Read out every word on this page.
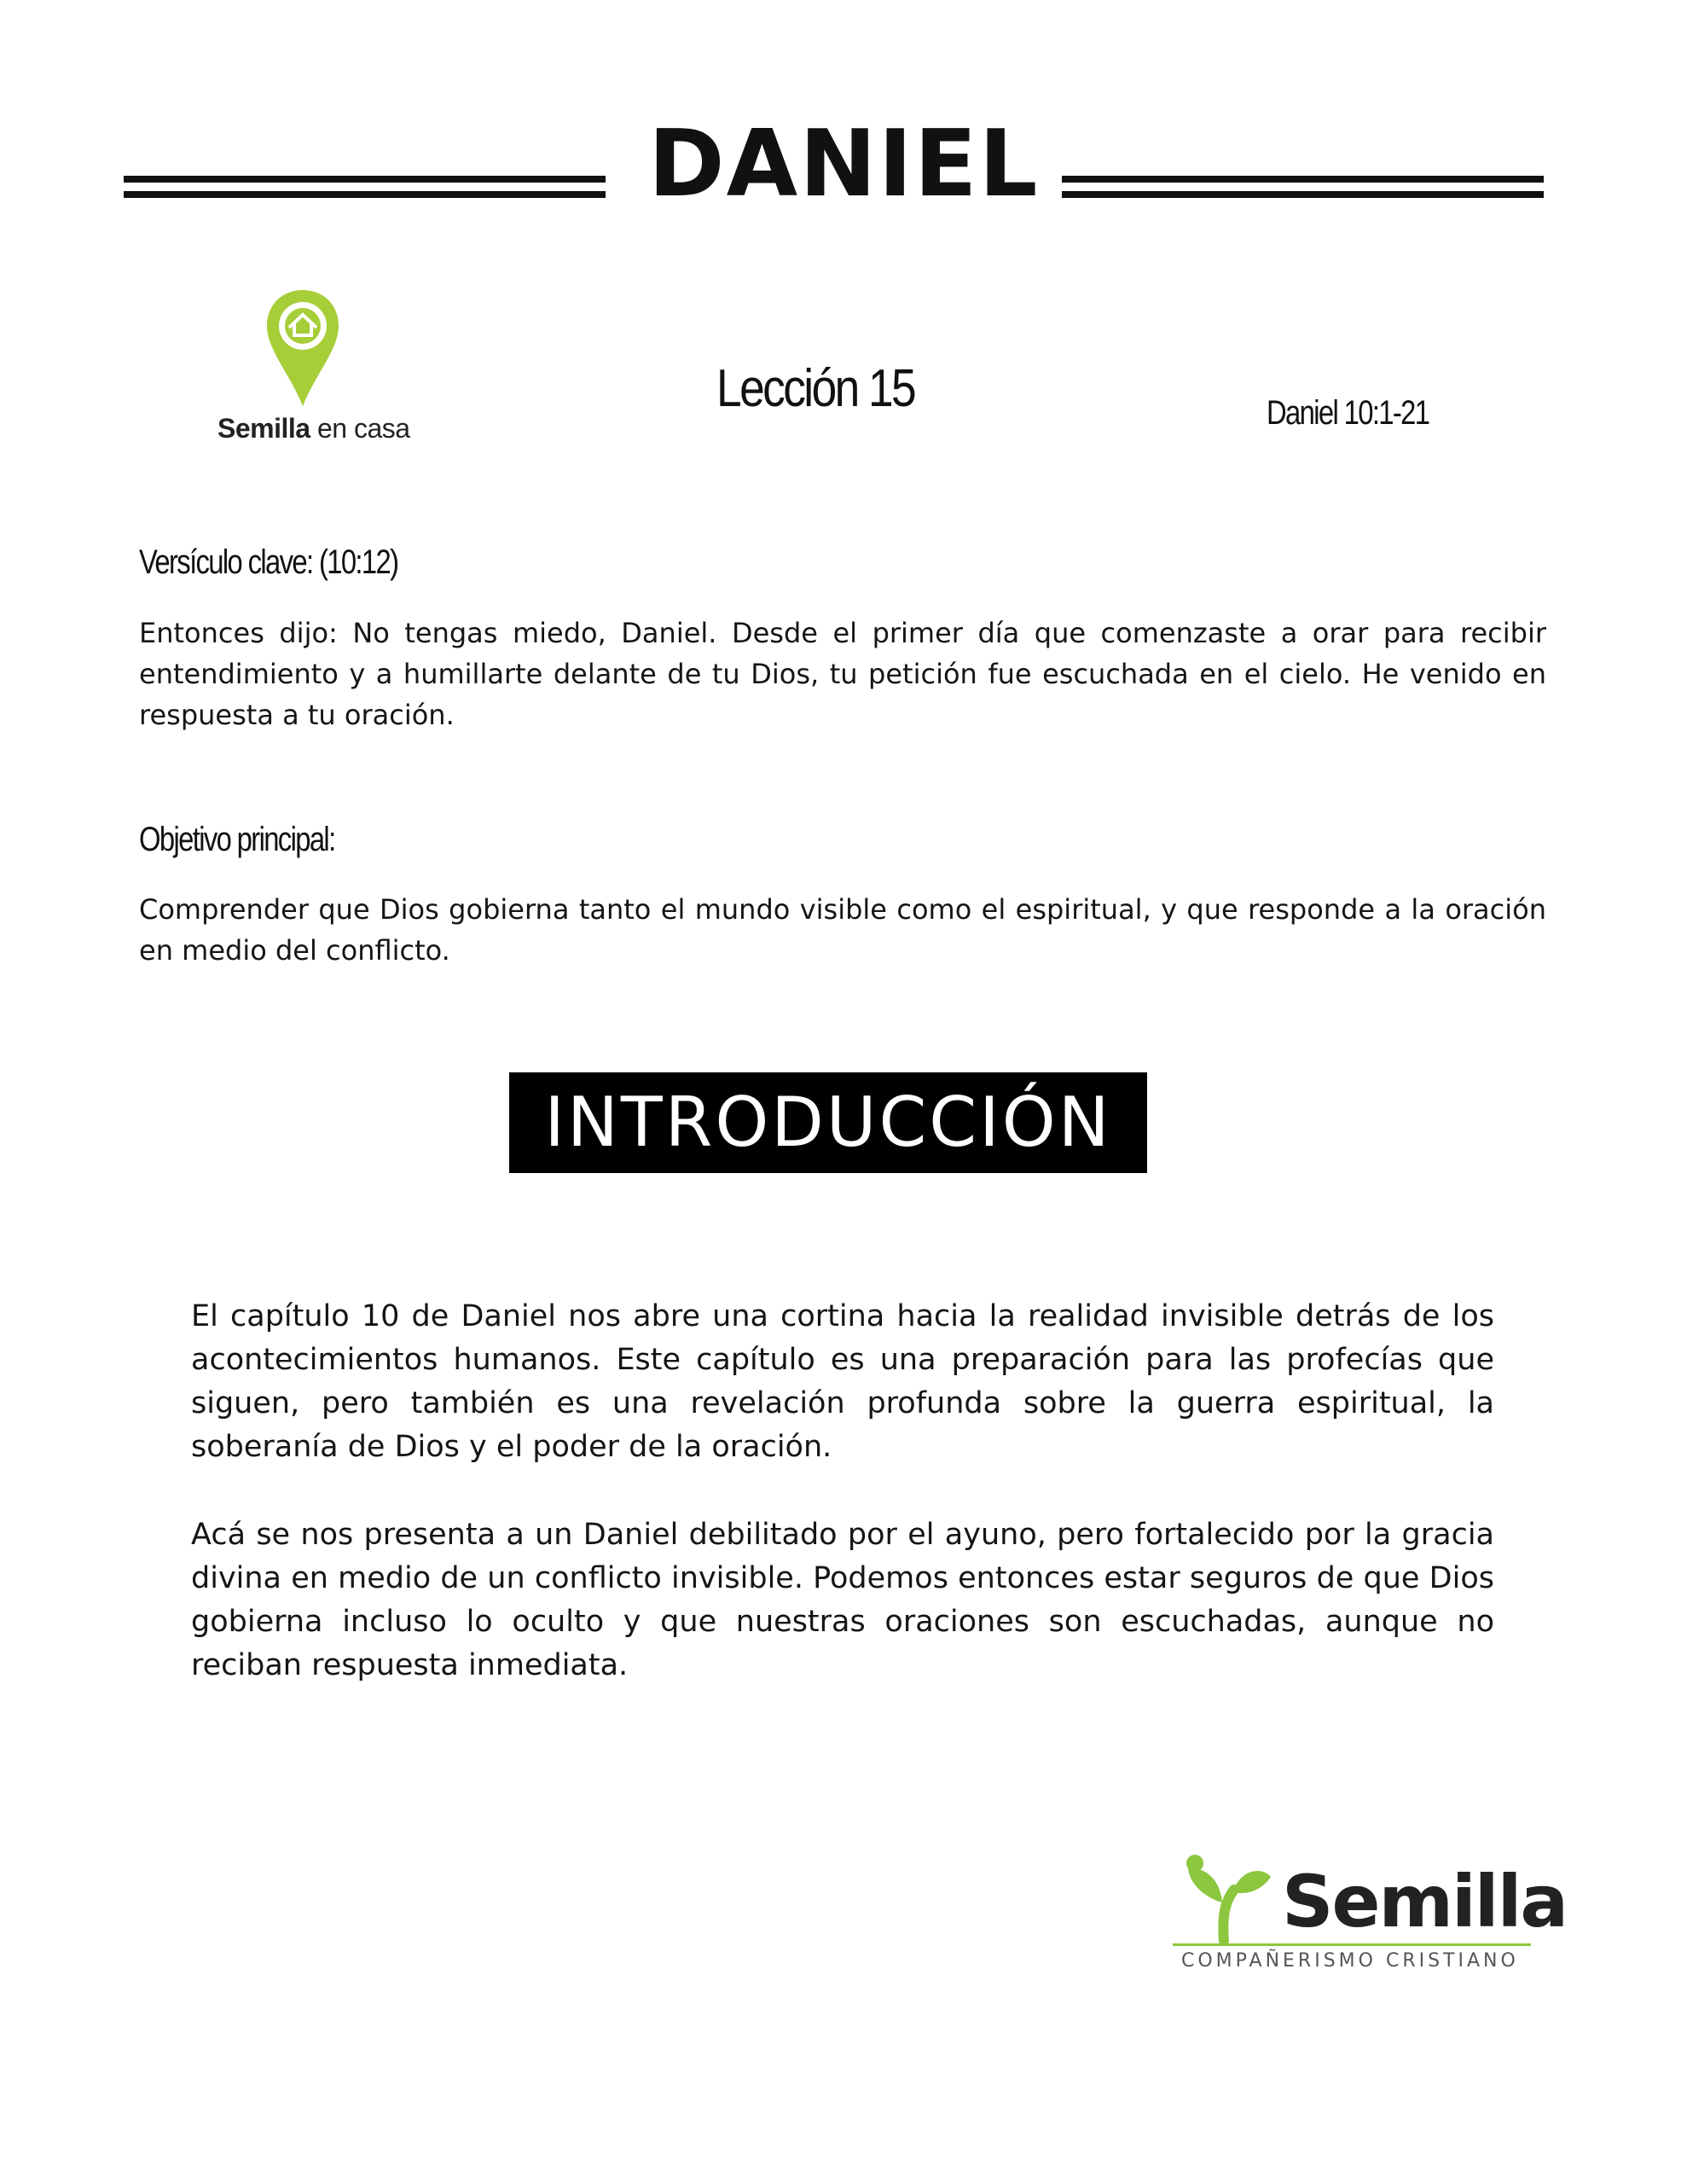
DANIEL
Semilla en casa
Lección 15	Daniel 10:1-21
Versículo clave: (10:12)

Entonces dijo: No tengas miedo, Daniel. Desde el primer día que comenzaste a orar para recibir entendimiento y a humillarte delante de tu Dios, tu petición fue escuchada en el cielo. He venido en respuesta a tu oración.

Objetivo principal:

Comprender que Dios gobierna tanto el mundo visible como el espiritual, y que responde a la oración en medio del conflicto.

INTRODUCCIÓN

El capítulo 10 de Daniel nos abre una cortina hacia la realidad invisible detrás de los acontecimientos humanos. Este capítulo es una preparación para las profecías que siguen, pero también es una revelación profunda sobre la guerra espiritual, la soberanía de Dios y el poder de la oración.

Acá se nos presenta a un Daniel debilitado por el ayuno, pero fortalecido por la gracia divina en medio de un conflicto invisible. Podemos entonces estar seguros de que Dios gobierna incluso lo oculto y que nuestras oraciones son escuchadas, aunque no reciban respuesta inmediata.

Semilla
COMPAÑERISMO CRISTIANO
